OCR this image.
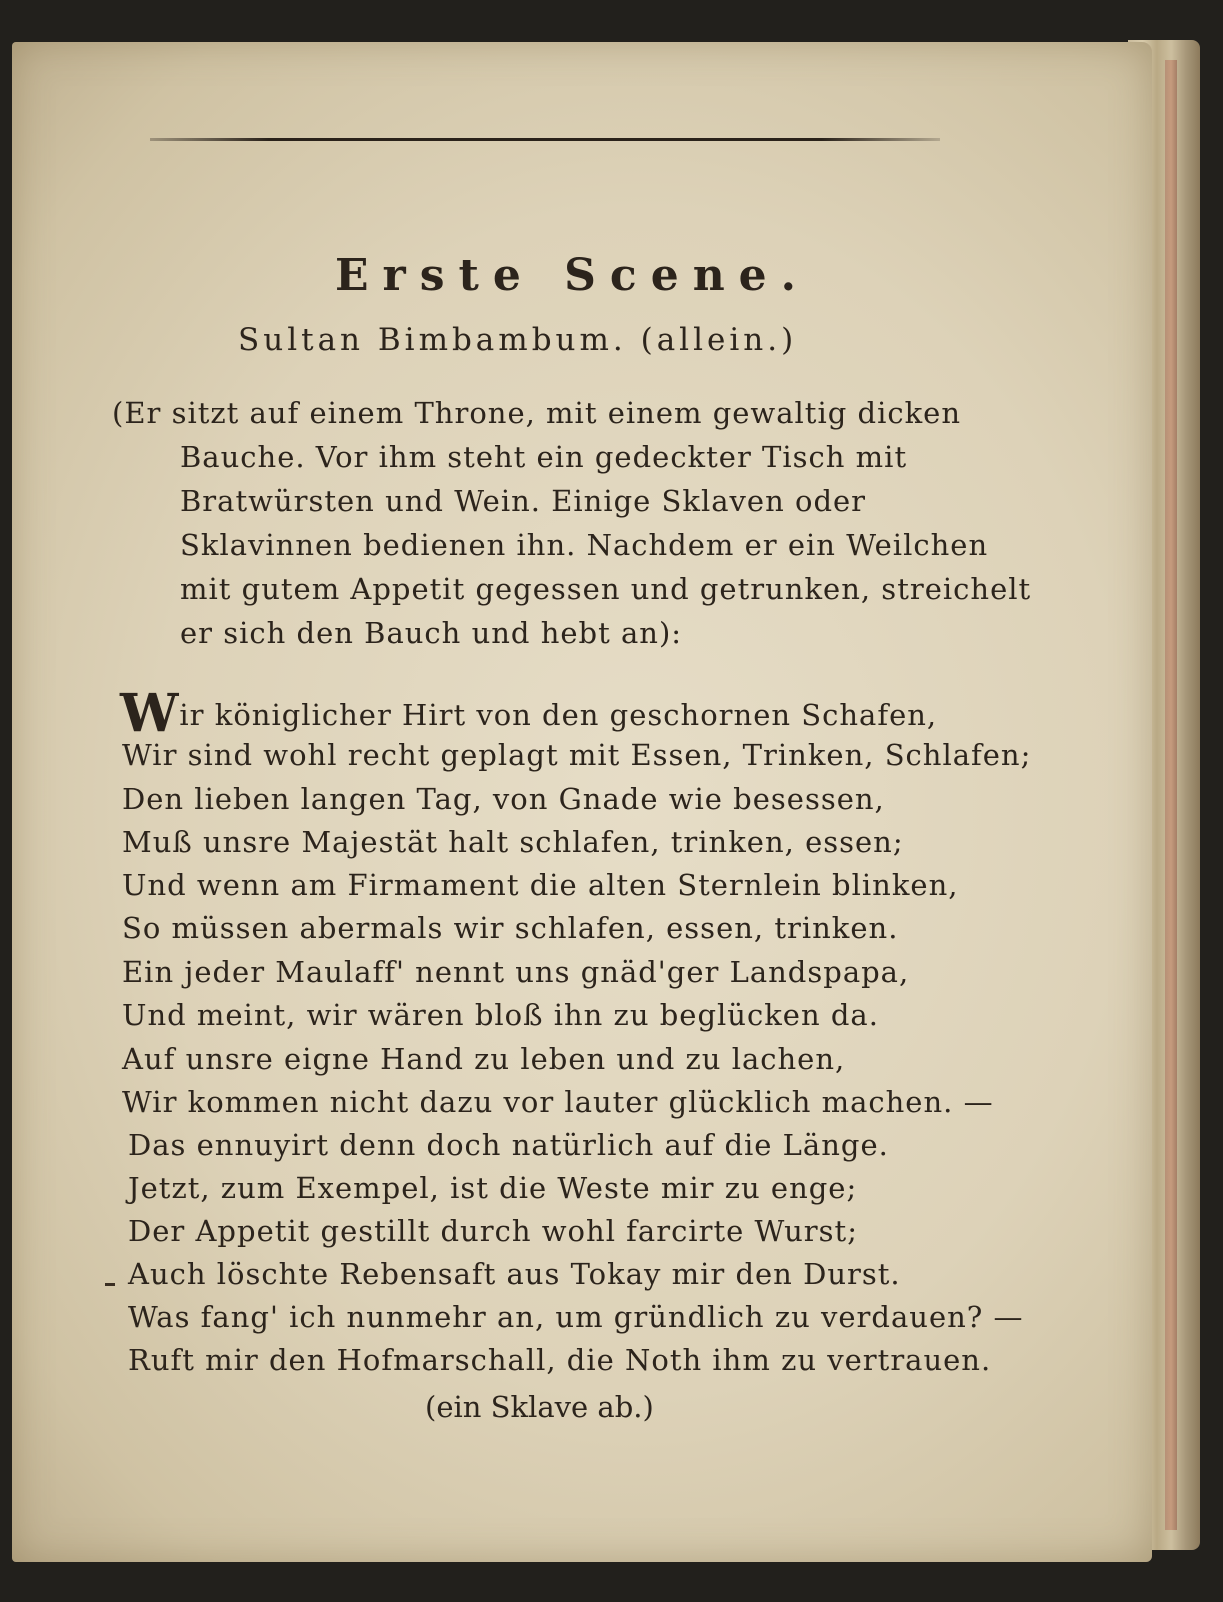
Erste Scene.
Sultan Bimbambum. (allein.)
(Er sitzt auf einem Throne, mit einem gewaltig dicken
Bauche. Vor ihm steht ein gedeckter Tisch mit
Bratwürsten und Wein. Einige Sklaven oder
Sklavinnen bedienen ihn. Nachdem er ein Weilchen
mit gutem Appetit gegessen und getrunken, streichelt
er sich den Bauch und hebt an):
Wir königlicher Hirt von den geschornen Schafen,
Wir sind wohl recht geplagt mit Essen, Trinken, Schlafen;
Den lieben langen Tag, von Gnade wie besessen,
Muß unsre Majestät halt schlafen, trinken, essen;
Und wenn am Firmament die alten Sternlein blinken,
So müssen abermals wir schlafen, essen, trinken.
Ein jeder Maulaff' nennt uns gnäd'ger Landspapa,
Und meint, wir wären bloß ihn zu beglücken da.
Auf unsre eigne Hand zu leben und zu lachen,
Wir kommen nicht dazu vor lauter glücklich machen. —
Das ennuyirt denn doch natürlich auf die Länge.
Jetzt, zum Exempel, ist die Weste mir zu enge;
Der Appetit gestillt durch wohl farcirte Wurst;
Auch löschte Rebensaft aus Tokay mir den Durst.
Was fang' ich nunmehr an, um gründlich zu verdauen? —
Ruft mir den Hofmarschall, die Noth ihm zu vertrauen.
(ein Sklave ab.)
